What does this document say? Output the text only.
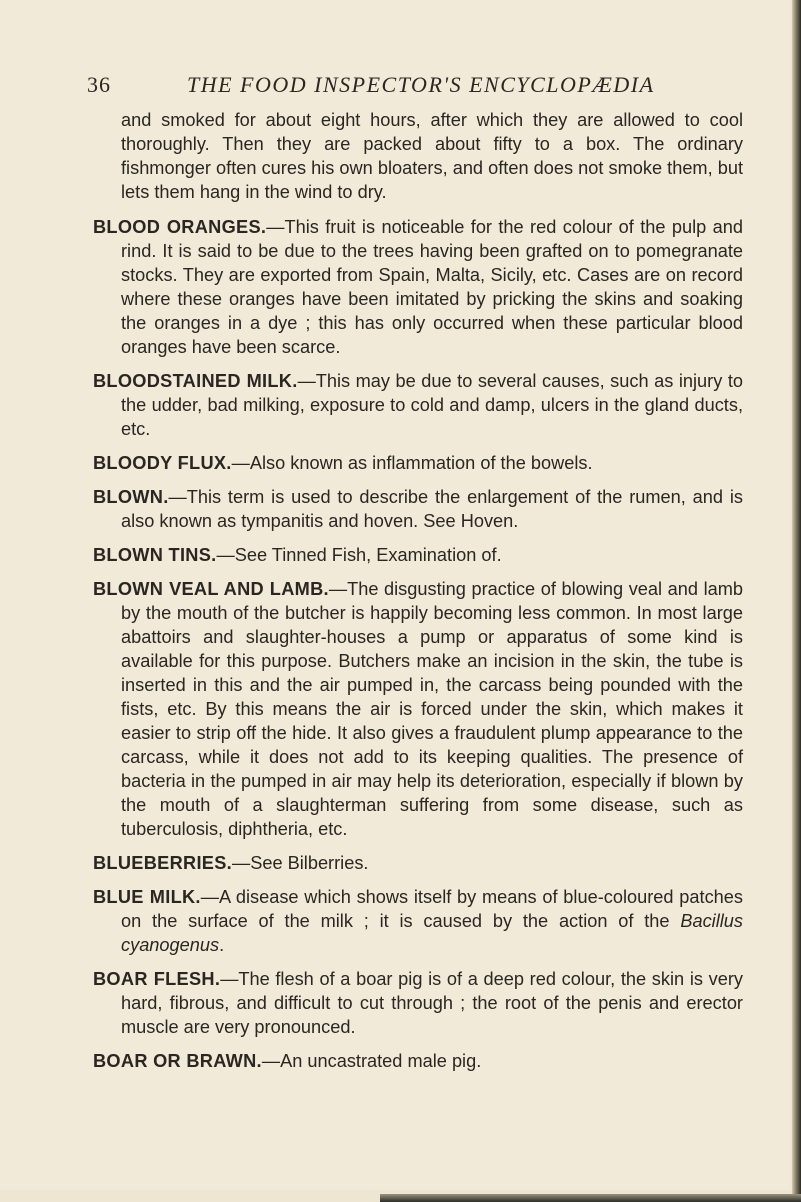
36	THE FOOD INSPECTOR'S ENCYCLOPÆDIA

and smoked for about eight hours, after which they are allowed to cool thoroughly. Then they are packed about fifty to a box. The ordinary fishmonger often cures his own bloaters, and often does not smoke them, but lets them hang in the wind to dry.

BLOOD ORANGES.—This fruit is noticeable for the red colour of the pulp and rind. It is said to be due to the trees having been grafted on to pomegranate stocks. They are exported from Spain, Malta, Sicily, etc. Cases are on record where these oranges have been imitated by pricking the skins and soaking the oranges in a dye ; this has only occurred when these particular blood oranges have been scarce.

BLOODSTAINED MILK.—This may be due to several causes, such as injury to the udder, bad milking, exposure to cold and damp, ulcers in the gland ducts, etc.

BLOODY FLUX.—Also known as inflammation of the bowels.

BLOWN.—This term is used to describe the enlargement of the rumen, and is also known as tympanitis and hoven. See Hoven.

BLOWN TINS.—See Tinned Fish, Examination of.

BLOWN VEAL AND LAMB.—The disgusting practice of blowing veal and lamb by the mouth of the butcher is happily becoming less common. In most large abattoirs and slaughter-houses a pump or apparatus of some kind is available for this purpose. Butchers make an incision in the skin, the tube is inserted in this and the air pumped in, the carcass being pounded with the fists, etc. By this means the air is forced under the skin, which makes it easier to strip off the hide. It also gives a fraudulent plump appearance to the carcass, while it does not add to its keeping qualities. The presence of bacteria in the pumped in air may help its deterioration, especially if blown by the mouth of a slaughterman suffering from some disease, such as tuberculosis, diphtheria, etc.

BLUEBERRIES.—See Bilberries.

BLUE MILK.—A disease which shows itself by means of blue-coloured patches on the surface of the milk ; it is caused by the action of the Bacillus cyanogenus.

BOAR FLESH.—The flesh of a boar pig is of a deep red colour, the skin is very hard, fibrous, and difficult to cut through ; the root of the penis and erector muscle are very pronounced.

BOAR OR BRAWN.—An uncastrated male pig.
